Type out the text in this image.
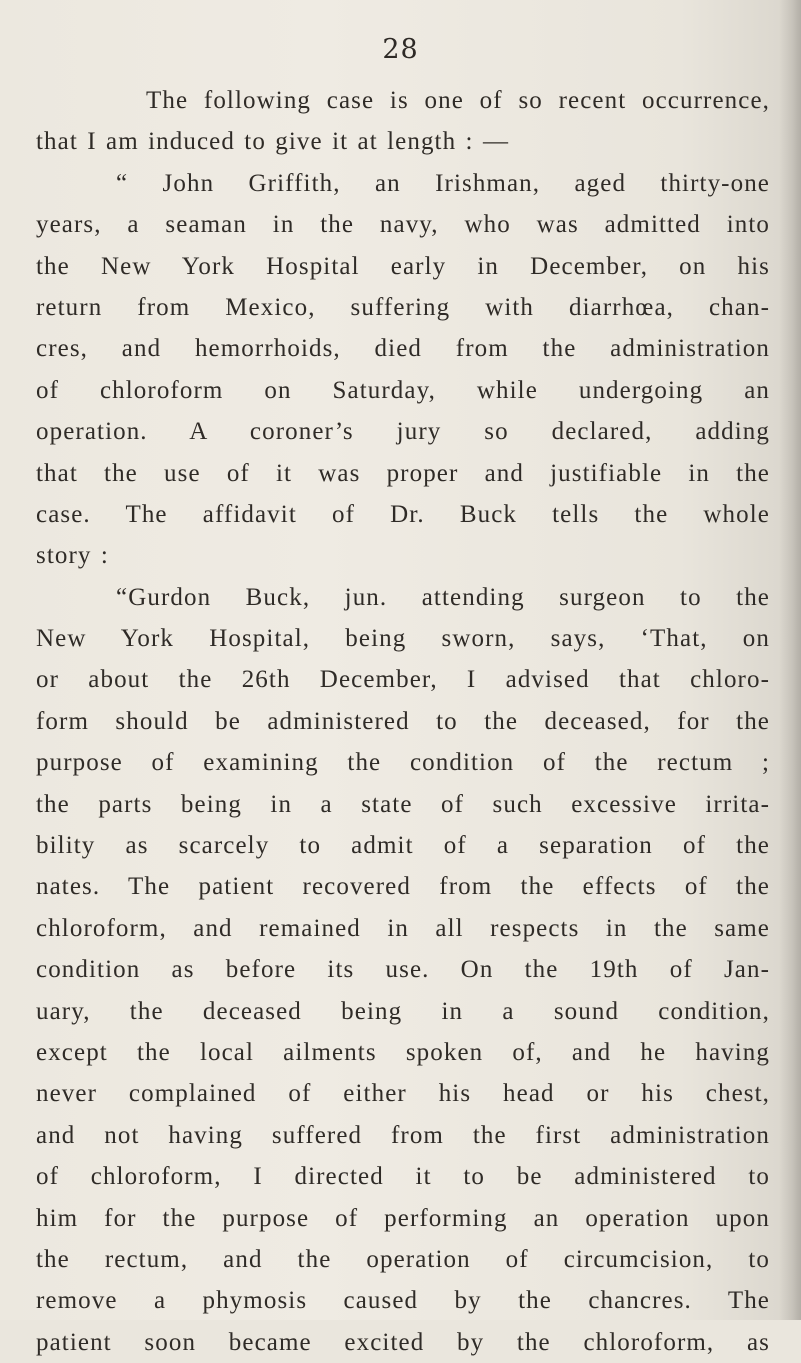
28
The following case is one of so recent occurrence,
that I am induced to give it at length : —
“ John Griffith, an Irishman, aged thirty-one
years, a seaman in the navy, who was admitted into
the New York Hospital early in December, on his
return from Mexico, suffering with diarrhœa, chan-
cres, and hemorrhoids, died from the administration
of chloroform on Saturday, while undergoing an
operation. A coroner’s jury so declared, adding
that the use of it was proper and justifiable in the
case. The affidavit of Dr. Buck tells the whole
story :
“Gurdon Buck, jun. attending surgeon to the
New York Hospital, being sworn, says, ‘That, on
or about the 26th December, I advised that chloro-
form should be administered to the deceased, for the
purpose of examining the condition of the rectum ;
the parts being in a state of such excessive irrita-
bility as scarcely to admit of a separation of the
nates. The patient recovered from the effects of the
chloroform, and remained in all respects in the same
condition as before its use. On the 19th of Jan-
uary, the deceased being in a sound condition,
except the local ailments spoken of, and he having
never complained of either his head or his chest,
and not having suffered from the first administration
of chloroform, I directed it to be administered to
him for the purpose of performing an operation upon
the rectum, and the operation of circumcision, to
remove a phymosis caused by the chancres. The
patient soon became excited by the chloroform, as
